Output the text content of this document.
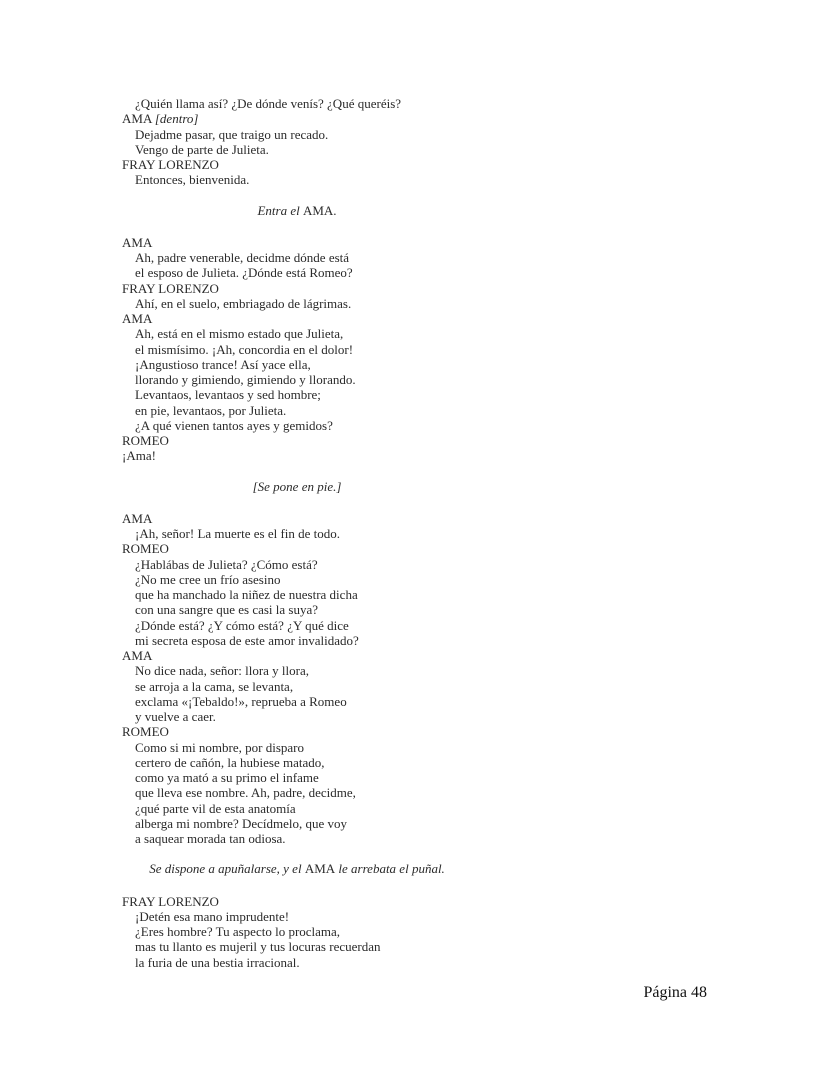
¿Quién llama así? ¿De dónde venís? ¿Qué queréis?
AMA [dentro]
Dejadme pasar, que traigo un recado.
Vengo de parte de Julieta.
FRAY LORENZO
Entonces, bienvenida.
Entra el AMA.
AMA
Ah, padre venerable, decidme dónde está
el esposo de Julieta. ¿Dónde está Romeo?
FRAY LORENZO
Ahí, en el suelo, embriagado de lágrimas.
AMA
Ah, está en el mismo estado que Julieta,
el mismísimo. ¡Ah, concordia en el dolor!
¡Angustioso trance! Así yace ella,
llorando y gimiendo, gimiendo y llorando.
Levantaos, levantaos y sed hombre;
en pie, levantaos, por Julieta.
¿A qué vienen tantos ayes y gemidos?
ROMEO
¡Ama!
[Se pone en pie.]
AMA
¡Ah, señor! La muerte es el fin de todo.
ROMEO
¿Hablábas de Julieta? ¿Cómo está?
¿No me cree un frío asesino
que ha manchado la niñez de nuestra dicha
con una sangre que es casi la suya?
¿Dónde está? ¿Y cómo está? ¿Y qué dice
mi secreta esposa de este amor invalidado?
AMA
No dice nada, señor: llora y llora,
se arroja a la cama, se levanta,
exclama «¡Tebaldo!», reprueba a Romeo
y vuelve a caer.
ROMEO
Como si mi nombre, por disparo
certero de cañón, la hubiese matado,
como ya mató a su primo el infame
que lleva ese nombre. Ah, padre, decidme,
¿qué parte vil de esta anatomía
alberga mi nombre? Decídmelo, que voy
a saquear morada tan odiosa.
Se dispone a apuñalarse, y el AMA le arrebata el puñal.
FRAY LORENZO
¡Detén esa mano imprudente!
¿Eres hombre? Tu aspecto lo proclama,
mas tu llanto es mujeril y tus locuras recuerdan
la furia de una bestia irracional.
Página 48
